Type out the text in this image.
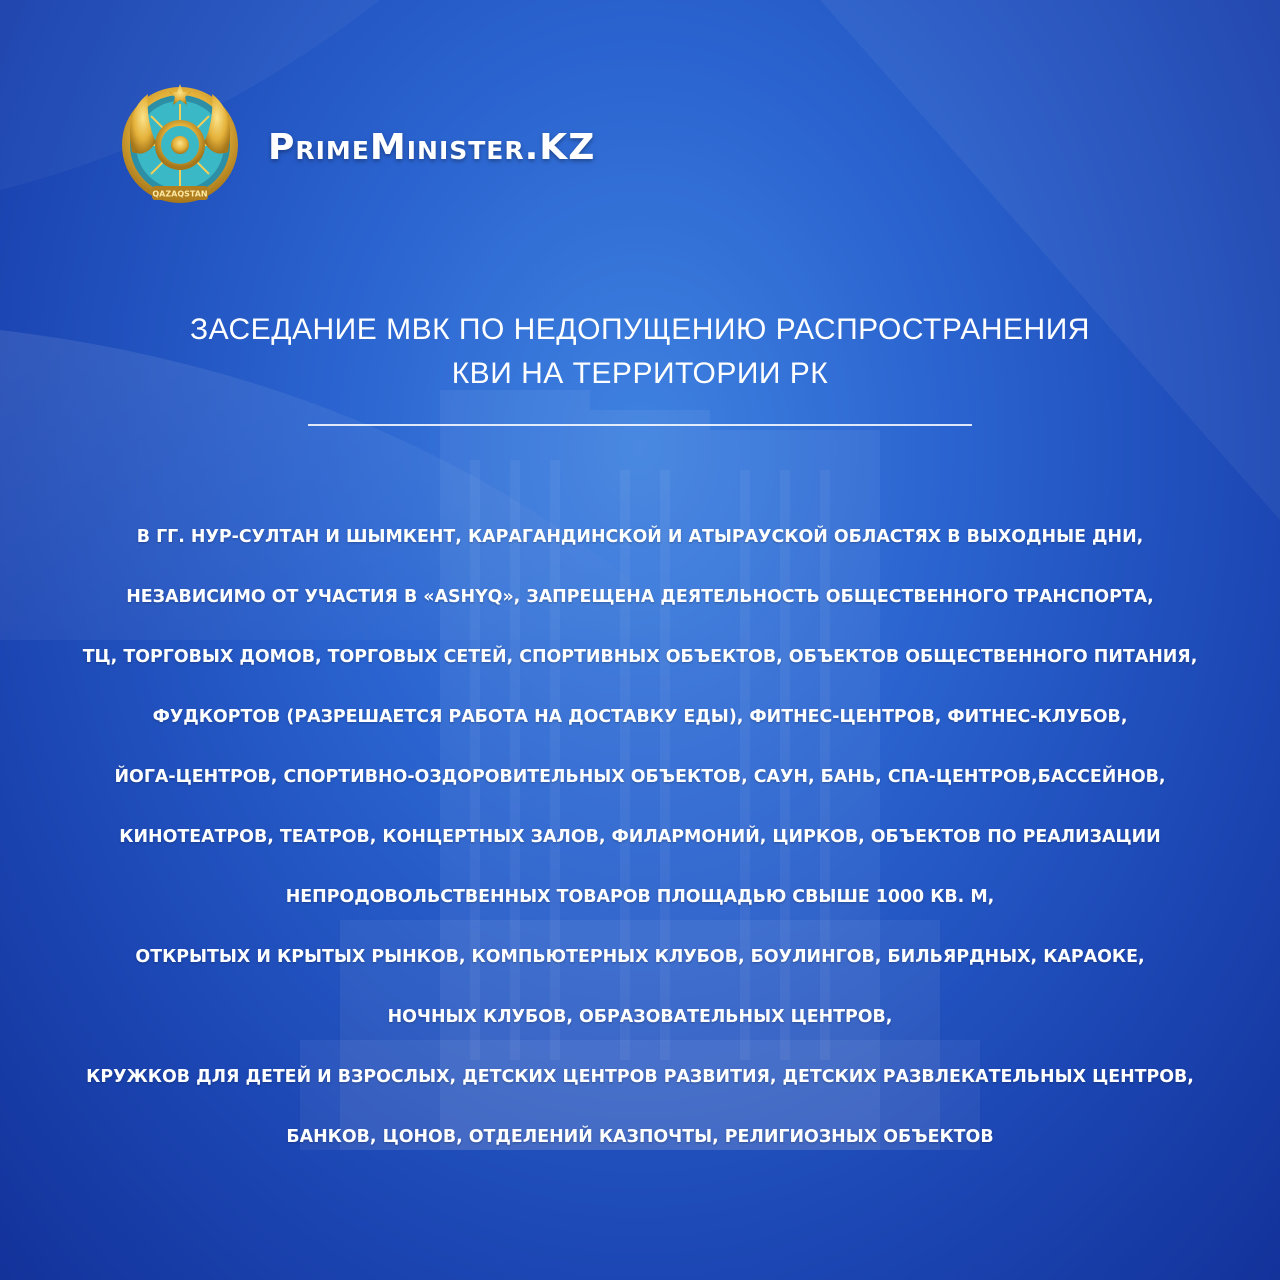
QAZAQSTAN
PrimeMinister.KZ
ЗАСЕДАНИЕ МВК ПО НЕДОПУЩЕНИЮ РАСПРОСТРАНЕНИЯ
КВИ НА ТЕРРИТОРИИ РК
В ГГ. НУР-СУЛТАН И ШЫМКЕНТ, КАРАГАНДИНСКОЙ И АТЫРАУСКОЙ ОБЛАСТЯХ В ВЫХОДНЫЕ ДНИ,
НЕЗАВИСИМО ОТ УЧАСТИЯ В «ASHYQ», ЗАПРЕЩЕНА ДЕЯТЕЛЬНОСТЬ ОБЩЕСТВЕННОГО ТРАНСПОРТА,
ТЦ, ТОРГОВЫХ ДОМОВ, ТОРГОВЫХ СЕТЕЙ, СПОРТИВНЫХ ОБЪЕКТОВ, ОБЪЕКТОВ ОБЩЕСТВЕННОГО ПИТАНИЯ,
ФУДКОРТОВ (РАЗРЕШАЕТСЯ РАБОТА НА ДОСТАВКУ ЕДЫ), ФИТНЕС-ЦЕНТРОВ, ФИТНЕС-КЛУБОВ,
ЙОГА-ЦЕНТРОВ, СПОРТИВНО-ОЗДОРОВИТЕЛЬНЫХ ОБЪЕКТОВ, САУН, БАНЬ, СПА-ЦЕНТРОВ,БАССЕЙНОВ,
КИНОТЕАТРОВ, ТЕАТРОВ, КОНЦЕРТНЫХ ЗАЛОВ, ФИЛАРМОНИЙ, ЦИРКОВ, ОБЪЕКТОВ ПО РЕАЛИЗАЦИИ
НЕПРОДОВОЛЬСТВЕННЫХ ТОВАРОВ ПЛОЩАДЬЮ СВЫШЕ 1000 КВ. М,
ОТКРЫТЫХ И КРЫТЫХ РЫНКОВ, КОМПЬЮТЕРНЫХ КЛУБОВ, БОУЛИНГОВ, БИЛЬЯРДНЫХ, КАРАОКЕ,
НОЧНЫХ КЛУБОВ, ОБРАЗОВАТЕЛЬНЫХ ЦЕНТРОВ,
КРУЖКОВ ДЛЯ ДЕТЕЙ И ВЗРОСЛЫХ, ДЕТСКИХ ЦЕНТРОВ РАЗВИТИЯ, ДЕТСКИХ РАЗВЛЕКАТЕЛЬНЫХ ЦЕНТРОВ,
БАНКОВ, ЦОНОВ, ОТДЕЛЕНИЙ КАЗПОЧТЫ, РЕЛИГИОЗНЫХ ОБЪЕКТОВ
